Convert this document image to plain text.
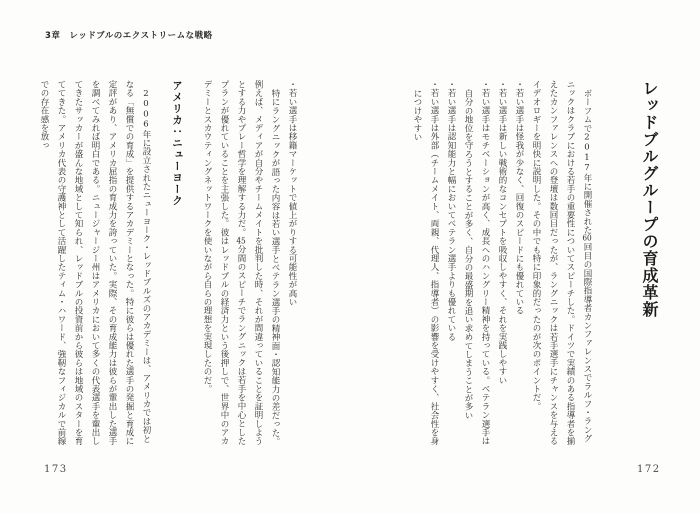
3章 レッドブルのエクストリームな戦略
・若い選手は移籍マーケットで値上がりする可能性が高い

特にラングニックが語った内容は若い選手とベテラン選手の精神面・認知能力の差だった。例えば、メディアが自分やチームメイトを批判した時、それが間違っていることを証明しようとする力やプレー哲学を理解する力だ。45分間のスピーチでラングニックは若手を中心としたプランが優れていることを主張した。彼はレッドブルの経済力という後押しで、世界中のアカデミーとスカウティングネットワークを使いながら自らの理想を実現したのだ。

アメリカ：ニューヨーク

2006年に設立されたニューヨーク・レッドブルズのアカデミーは、アメリカでは初となる「無償での育成」を提供するアカデミーとなった。特に彼らは優れた選手の発掘と育成に定評があり、アメリカ屈指の育成力を誇っていた。実際、その育成能力は彼らが輩出した選手を調べてみれば明白である。ニュージャージー州はアメリカにおいて多くの代表選手を輩出してきたサッカーが盛んな地域として知られ、レッドブルの投資前から彼らは地域のスターを育ててきた。アメリカ代表の守護神として活躍したティム・ハワード、強靭なフィジカルで前線での存在感を放っ

173
レッドブルグループの育成革新

ボーフムで2017年に開催された60回目の国際指導者カンファレンスでラルフ・ラングニックはクラブにおける若手の重要性についてスピーチした。ドイツで実績のある指導者を揃えたカンファレンスへの登壇は数回目だったが、ラングニックは若手選手にチャンスを与えるイデオロギーを明快に説明した。その中でも特に印象的だったのが次のポイントだ。

・若い選手は怪我が少なく、回復のスピードにも優れている
・若い選手は新しい戦術的なコンセプトを吸収しやすく、それを実践しやすい
・若い選手はモチベーションが高く、成長へのハングリー精神を持っている。ベテラン選手は自分の地位を守ろうとすることが多く、自分の最盛期を追い求めてしまうことが多い
・若い選手は認知能力と幅においてベテラン選手よりも優れている
・若い選手は外部（チームメイト、両親、代理人、指導者）の影響を受けやすく、社会性を身につけやすい
172
